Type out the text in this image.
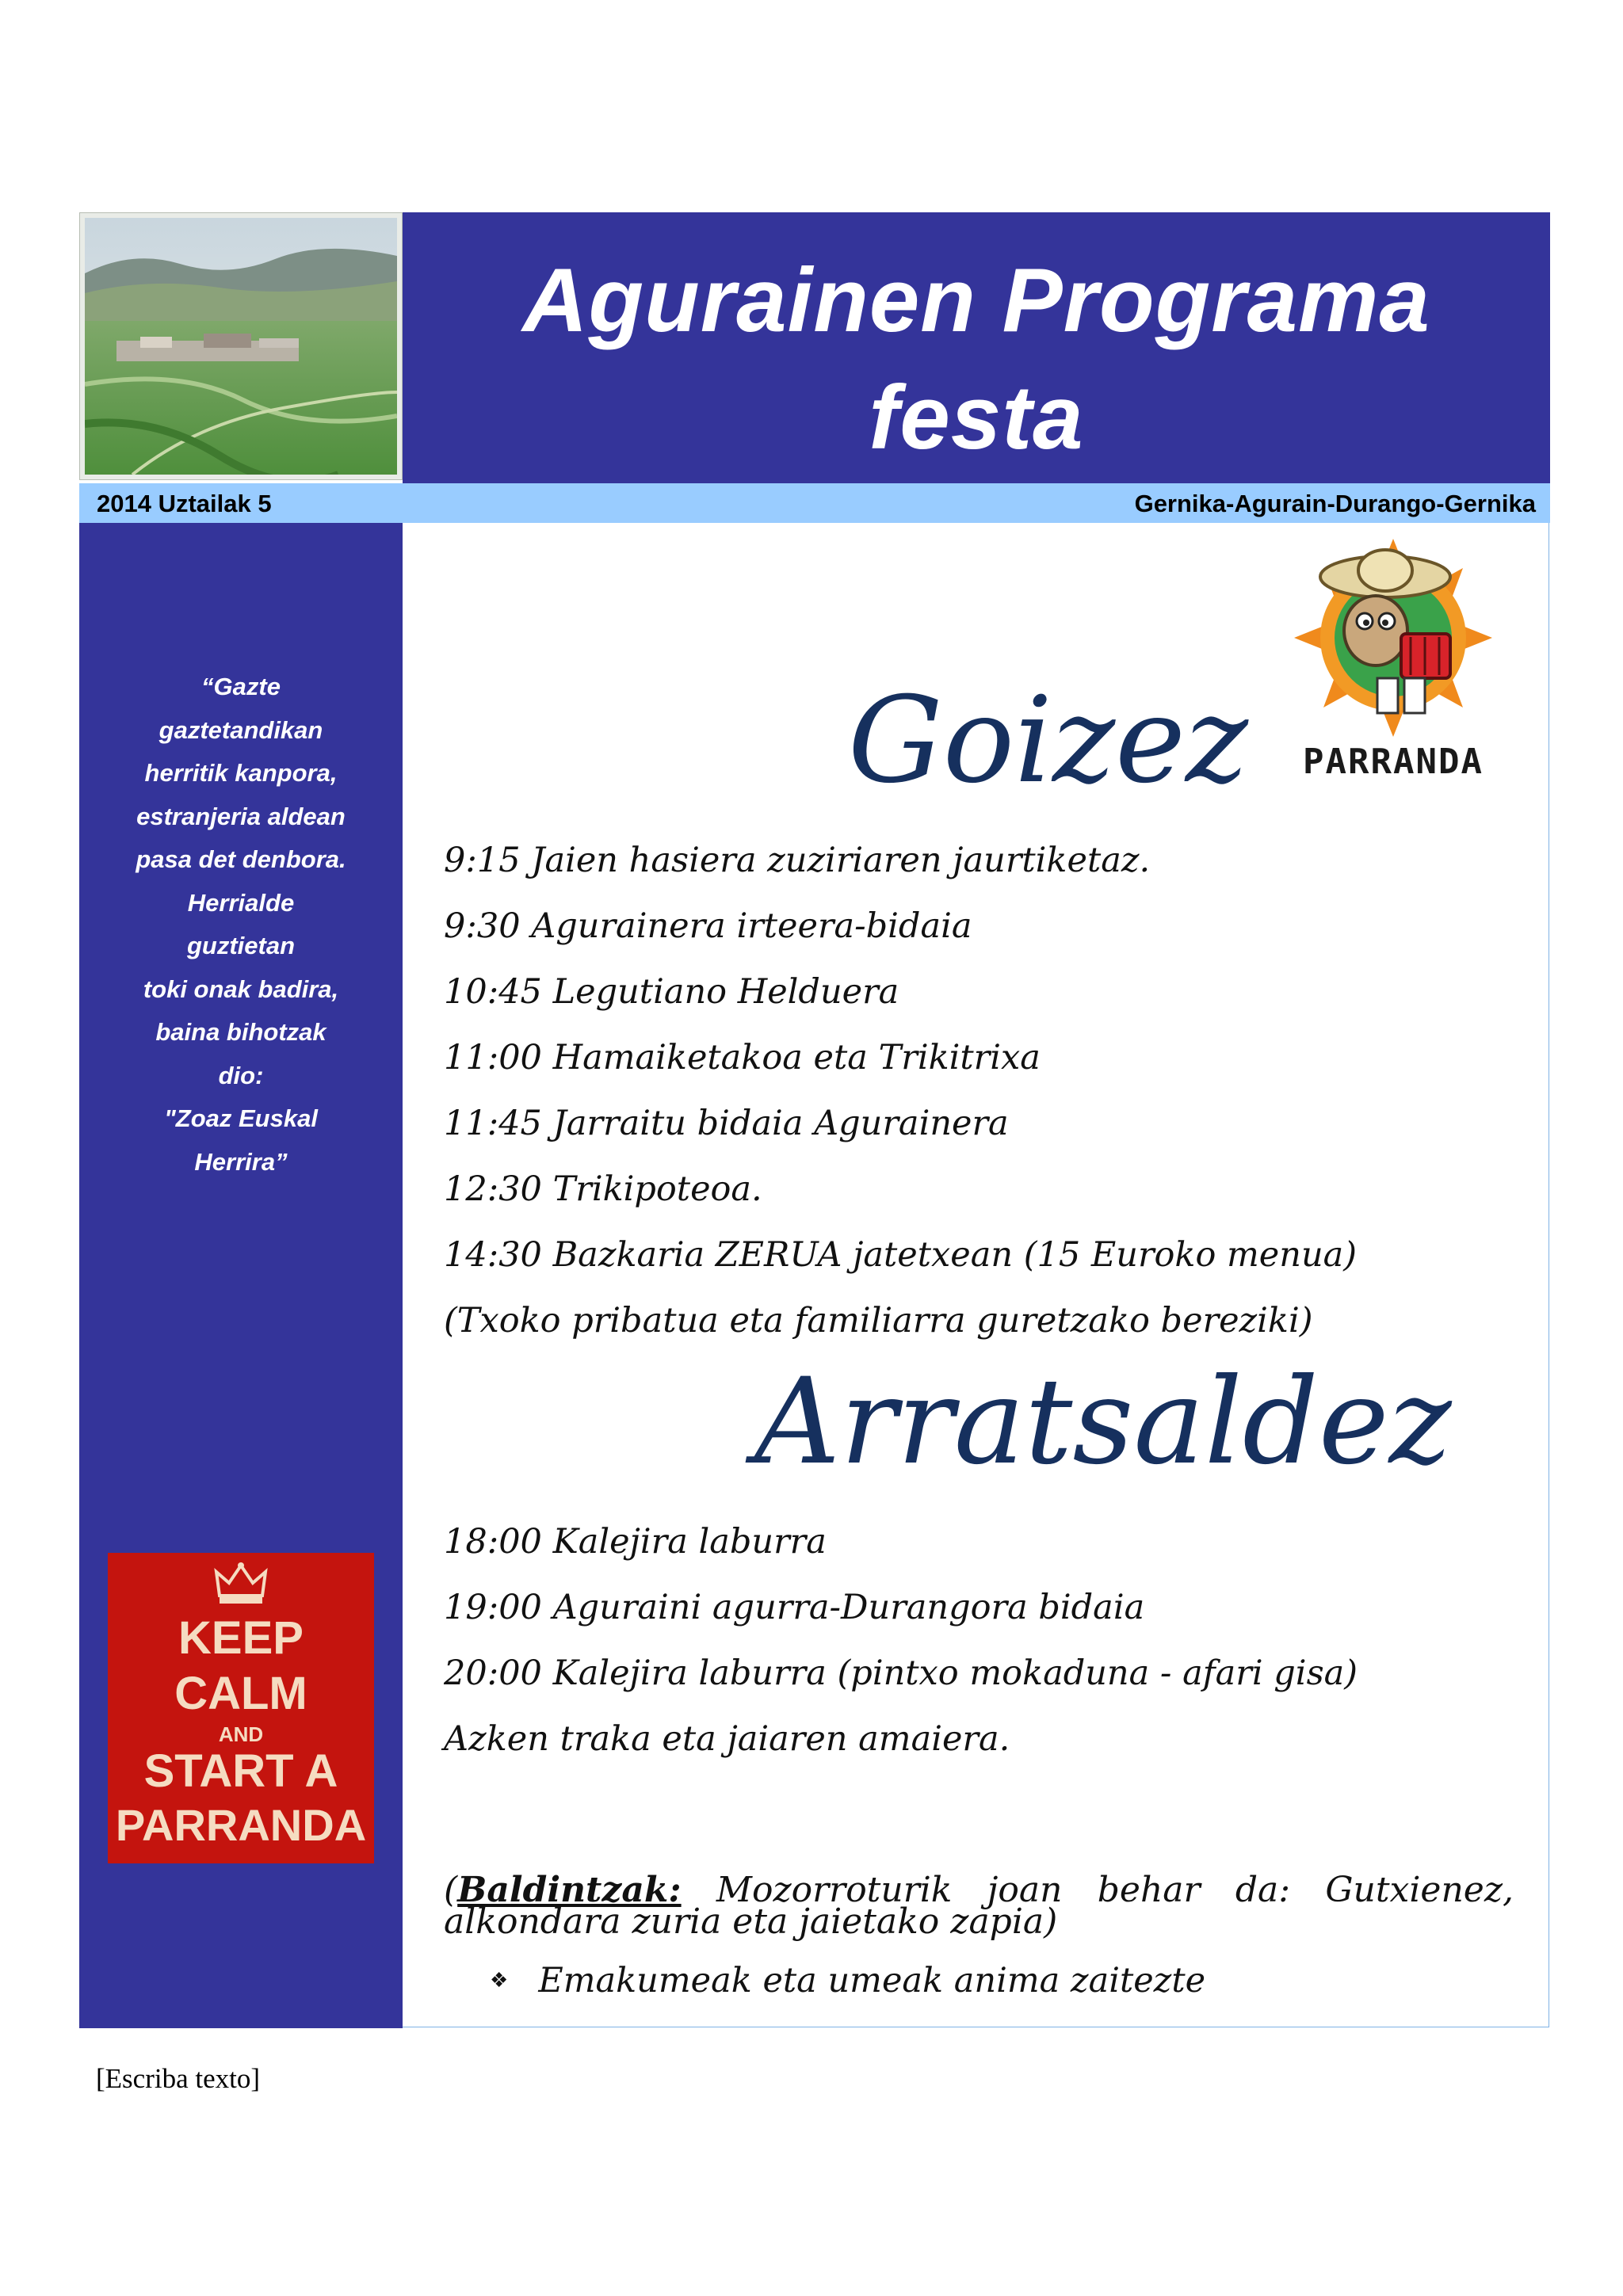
Agurainen Programa
festa
2014 Uztailak 5	Gernika-Agurain-Durango-Gernika
“Gazte
gaztetandikan
herritik kanpora,
estranjeria aldean
pasa det denbora.
Herrialde
guztietan
toki onak badira,
baina bihotzak
dio:
"Zoaz Euskal
Herrira”
KEEP
CALM
AND
START A
PARRANDA
PARRANDA
Goizez
9:15 Jaien hasiera zuziriaren jaurtiketaz.
9:30 Agurainera irteera-bidaia
10:45 Legutiano Helduera
11:00 Hamaiketakoa eta Trikitrixa
11:45 Jarraitu bidaia Agurainera
12:30 Trikipoteoa.
14:30 Bazkaria ZERUA jatetxean (15 Euroko menua)
(Txoko pribatua eta familiarra guretzako bereziki)
Arratsaldez
18:00 Kalejira laburra
19:00 Aguraini agurra-Durangora bidaia
20:00 Kalejira laburra (pintxo mokaduna - afari gisa)
Azken traka eta jaiaren amaiera.
(Baldintzak: Mozorroturik joan behar da: Gutxienez, alkondara zuria eta jaietako zapia)
❖ Emakumeak eta umeak anima zaitezte
[Escriba texto]
